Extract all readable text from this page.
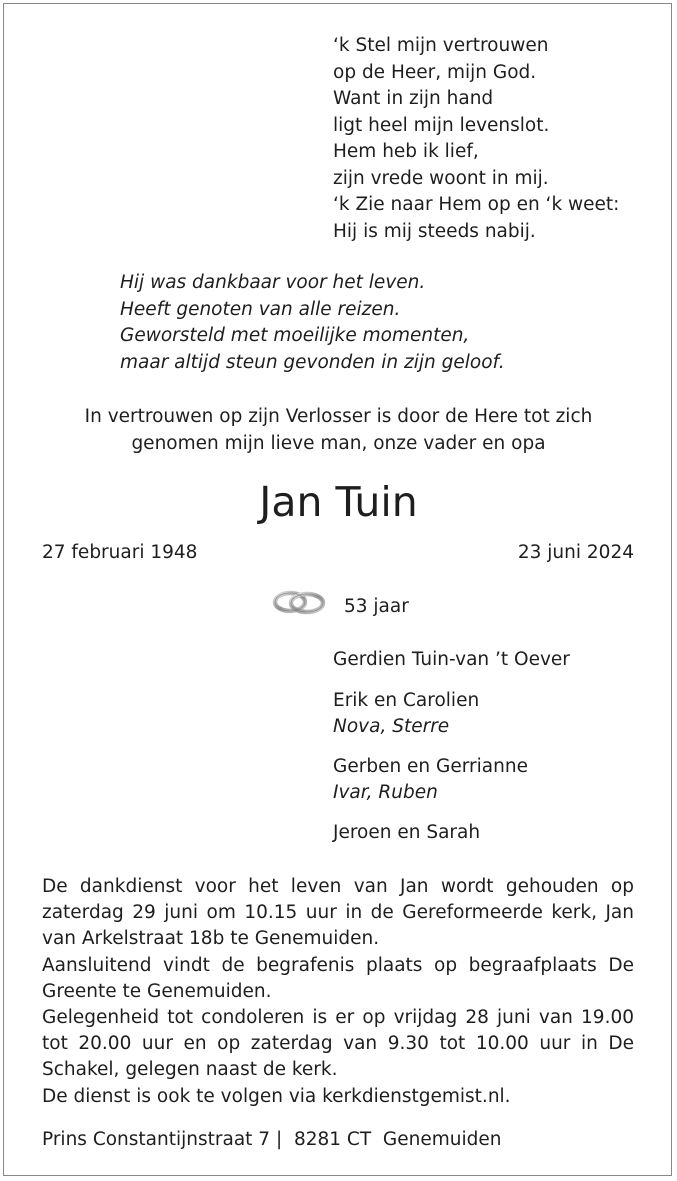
‘k Stel mijn vertrouwen
op de Heer, mijn God.
Want in zijn hand
ligt heel mijn levenslot.
Hem heb ik lief,
zijn vrede woont in mij.
‘k Zie naar Hem op en ‘k weet:
Hij is mij steeds nabij.
Hij was dankbaar voor het leven.
Heeft genoten van alle reizen.
Geworsteld met moeilijke momenten,
maar altijd steun gevonden in zijn geloof.
In vertrouwen op zijn Verlosser is door de Here tot zich
genomen mijn lieve man, onze vader en opa
Jan Tuin
27 februari 1948	23 juni 2024
53 jaar
Gerdien Tuin-van ’t Oever
Erik en Carolien
Nova, Sterre
Gerben en Gerrianne
Ivar, Ruben
Jeroen en Sarah

De dankdienst voor het leven van Jan wordt gehouden op zaterdag 29 juni om 10.15 uur in de Gereformeerde kerk, Jan van Arkelstraat 18b te Genemuiden.

Aansluitend vindt de begrafenis plaats op begraafplaats De Greente te Genemuiden.

Gelegenheid tot condoleren is er op vrijdag 28 juni van 19.00 tot 20.00 uur en op zaterdag van 9.30 tot 10.00 uur in De Schakel, gelegen naast de kerk.

De dienst is ook te volgen via kerkdienstgemist.nl.

Prins Constantijnstraat 7 |  8281 CT  Genemuiden
